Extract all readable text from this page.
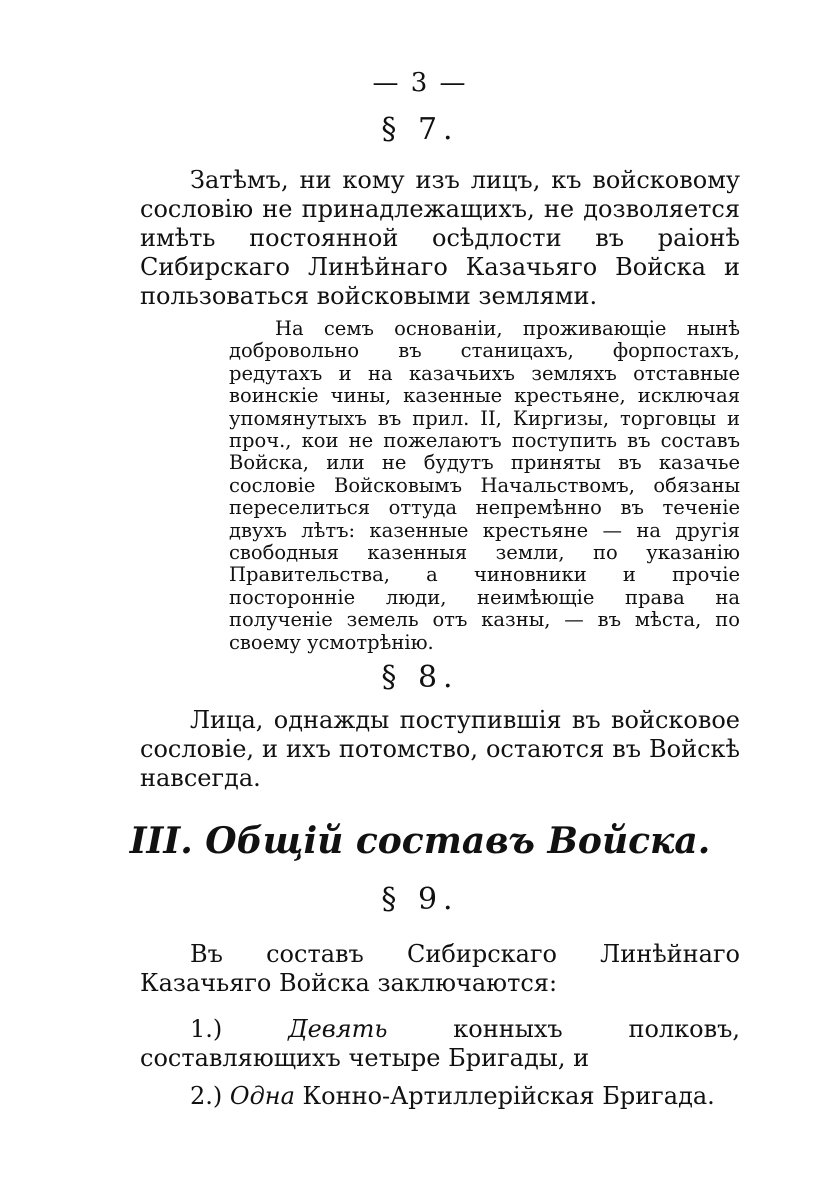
— 3 —
§ 7.

Затѣмъ, ни кому изъ лицъ, къ войсковому сословію не принадлежащихъ, не дозволяется имѣть постоянной осѣдлости въ раіонѣ Сибирскаго Линѣйнаго Казачьяго Войска и пользоваться войсковыми землями.

На семъ основаніи, проживающіе нынѣ добровольно въ станицахъ, форпостахъ, редутахъ и на казачьихъ земляхъ отставные воинскіе чины, казенные крестьяне, исключая упомянутыхъ въ прил. II, Киргизы, торговцы и проч., кои не пожелаютъ поступить въ составъ Войска, или не будутъ приняты въ казачье сословіе Войсковымъ Начальствомъ, обязаны переселиться оттуда непремѣнно въ теченіе двухъ лѣтъ: казенные крестьяне — на другія свободныя казенныя земли, по указанію Правительства, а чиновники и прочіе посторонніе люди, неимѣющіе права на полученіе земель отъ казны, — въ мѣста, по своему усмотрѣнію.

§ 8.

Лица, однажды поступившія въ войсковое сословіе, и ихъ потомство, остаются въ Войскѣ навсегда.

III. Общій составъ Войска.
§ 9.

Въ составъ Сибирскаго Линѣйнаго Казачьяго Войска заключаются:

1.)	Девять конныхъ полковъ, составляющихъ четыре Бригады, и

2.) Одна Конно-Артиллерійская Бригада.
